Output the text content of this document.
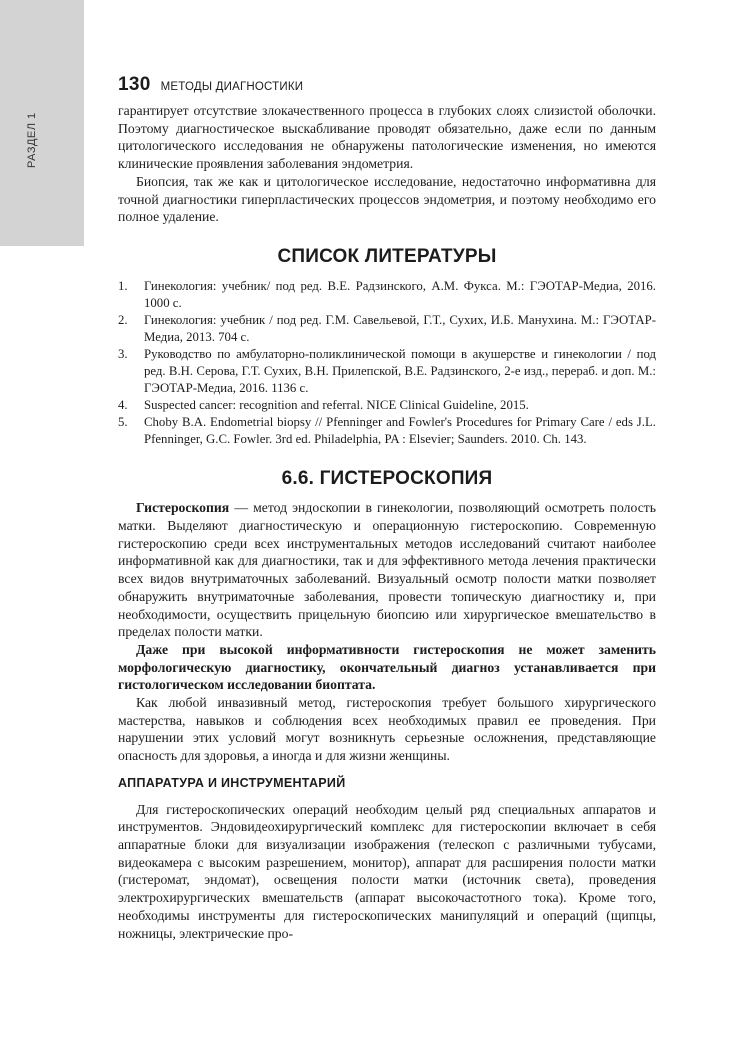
РАЗДЕЛ 1
130 МЕТОДЫ ДИАГНОСТИКИ

гарантирует отсутствие злокачественного процесса в глубоких слоях слизистой оболочки. Поэтому диагностическое выскабливание проводят обязательно, даже если по данным цитологического исследования не обнаружены патологические изменения, но имеются клинические проявления заболевания эндометрия.

Биопсия, так же как и цитологическое исследование, недостаточно информативна для точной диагностики гиперпластических процессов эндометрия, и поэтому необходимо его полное удаление.

СПИСОК ЛИТЕРАТУРЫ
1.	Гинекология: учебник/ под ред. В.Е. Радзинского, А.М. Фукса. М.: ГЭОТАР-Медиа, 2016. 1000 с.
2.	Гинекология: учебник / под ред. Г.М. Савельевой, Г.Т., Сухих, И.Б. Манухина. М.: ГЭОТАР-Медиа, 2013. 704 с.
3.	Руководство по амбулаторно-поликлинической помощи в акушерстве и гинекологии / под ред. В.Н. Серова, Г.Т. Сухих, В.Н. Прилепской, В.Е. Радзинского, 2-е изд., перераб. и доп. М.: ГЭОТАР-Медиа, 2016. 1136 с.
4.	Suspected cancer: recognition and referral. NICE Clinical Guideline, 2015.
5.	Choby B.A. Endometrial biopsy // Pfenninger and Fowler's Procedures for Primary Care / eds J.L. Pfenninger, G.C. Fowler. 3rd ed. Philadelphia, PA : Elsevier; Saunders. 2010. Ch. 143.
6.6. ГИСТЕРОСКОПИЯ

Гистероскопия — метод эндоскопии в гинекологии, позволяющий осмотреть полость матки. Выделяют диагностическую и операционную гистероскопию. Современную гистероскопию среди всех инструментальных методов исследований считают наиболее информативной как для диагностики, так и для эффективного метода лечения практически всех видов внутриматочных заболеваний. Визуальный осмотр полости матки позволяет обнаружить внутриматочные заболевания, провести топическую диагностику и, при необходимости, осуществить прицельную биопсию или хирургическое вмешательство в пределах полости матки.

Даже при высокой информативности гистероскопия не может заменить морфологическую диагностику, окончательный диагноз устанавливается при гистологическом исследовании биоптата.

Как любой инвазивный метод, гистероскопия требует большого хирургического мастерства, навыков и соблюдения всех необходимых правил ее проведения. При нарушении этих условий могут возникнуть серьезные осложнения, представляющие опасность для здоровья, а иногда и для жизни женщины.

АППАРАТУРА И ИНСТРУМЕНТАРИЙ

Для гистероскопических операций необходим целый ряд специальных аппаратов и инструментов. Эндовидеохирургический комплекс для гистероскопии включает в себя аппаратные блоки для визуализации изображения (телескоп с различными тубусами, видеокамера с высоким разрешением, монитор), аппарат для расширения полости матки (гистеромат, эндомат), освещения полости матки (источник света), проведения электрохирургических вмешательств (аппарат высокочастотного тока). Кроме того, необходимы инструменты для гистероскопических манипуляций и операций (щипцы, ножницы, электрические про-
